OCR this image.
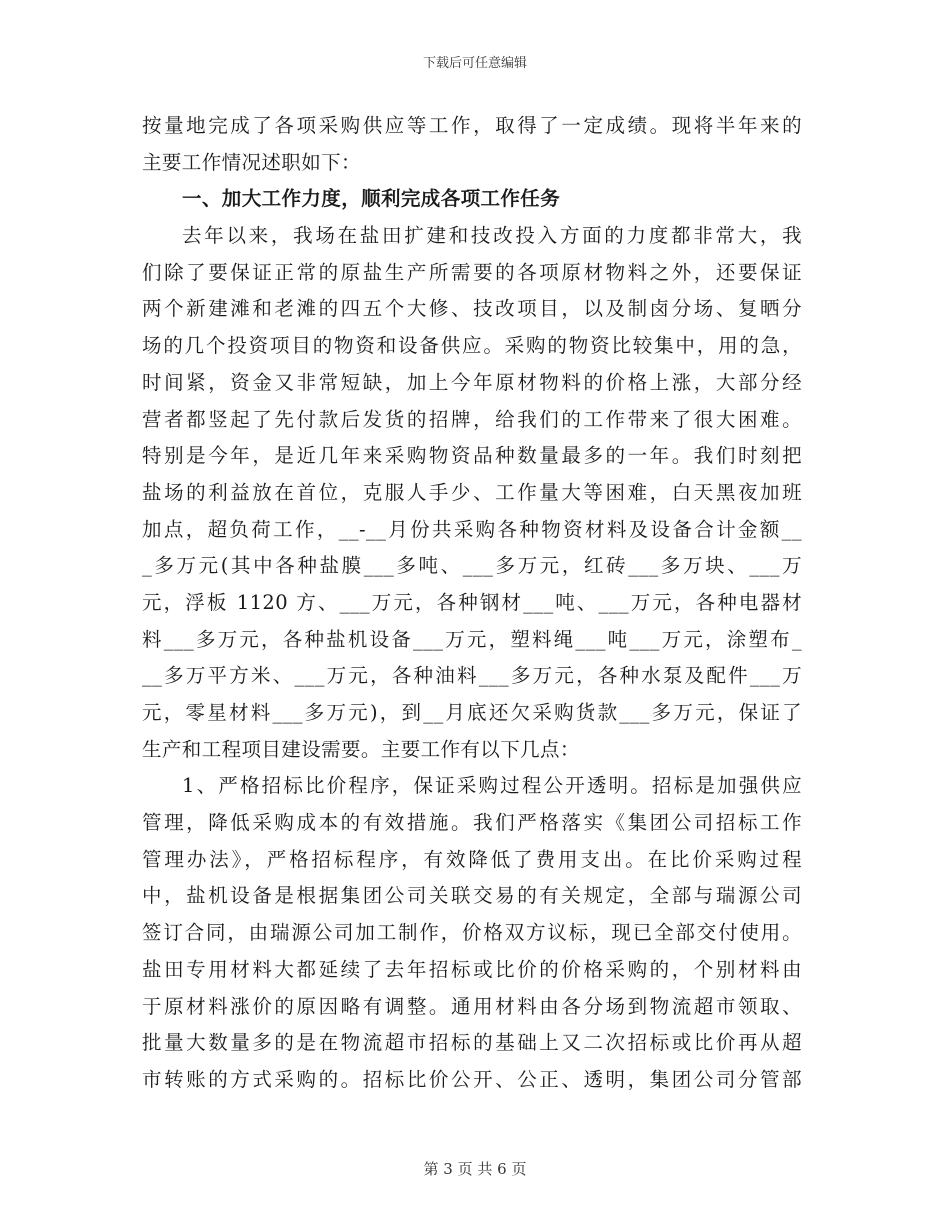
下载后可任意编辑
按量地完成了各项采购供应等工作，取得了一定成绩。现将半年来的
主要工作情况述职如下：
一、加大工作力度，顺利完成各项工作任务
去年以来，我场在盐田扩建和技改投入方面的力度都非常大，我
们除了要保证正常的原盐生产所需要的各项原材物料之外，还要保证
两个新建滩和老滩的四五个大修、技改项目，以及制卤分场、复晒分
场的几个投资项目的物资和设备供应。采购的物资比较集中，用的急，
时间紧，资金又非常短缺，加上今年原材物料的价格上涨，大部分经
营者都竖起了先付款后发货的招牌，给我们的工作带来了很大困难。
特别是今年，是近几年来采购物资品种数量最多的一年。我们时刻把
盐场的利益放在首位，克服人手少、工作量大等困难，白天黑夜加班
加点，超负荷工作，__-__月份共采购各种物资材料及设备合计金额__
_多万元(其中各种盐膜___多吨、___多万元，红砖___多万块、___万
元，浮板 1120 方、___万元，各种钢材___吨、___万元，各种电器材
料___多万元，各种盐机设备___万元，塑料绳___吨___万元，涂塑布_
__多万平方米、___万元，各种油料___多万元，各种水泵及配件___万
元，零星材料___多万元)，到__月底还欠采购货款___多万元，保证了
生产和工程项目建设需要。主要工作有以下几点：
1、严格招标比价程序，保证采购过程公开透明。招标是加强供应
管理，降低采购成本的有效措施。我们严格落实《集团公司招标工作
管理办法》，严格招标程序，有效降低了费用支出。在比价采购过程
中，盐机设备是根据集团公司关联交易的有关规定，全部与瑞源公司
签订合同，由瑞源公司加工制作，价格双方议标，现已全部交付使用。
盐田专用材料大都延续了去年招标或比价的价格采购的，个别材料由
于原材料涨价的原因略有调整。通用材料由各分场到物流超市领取、
批量大数量多的是在物流超市招标的基础上又二次招标或比价再从超
市转账的方式采购的。招标比价公开、公正、透明，集团公司分管部
第 3 页 共 6 页
